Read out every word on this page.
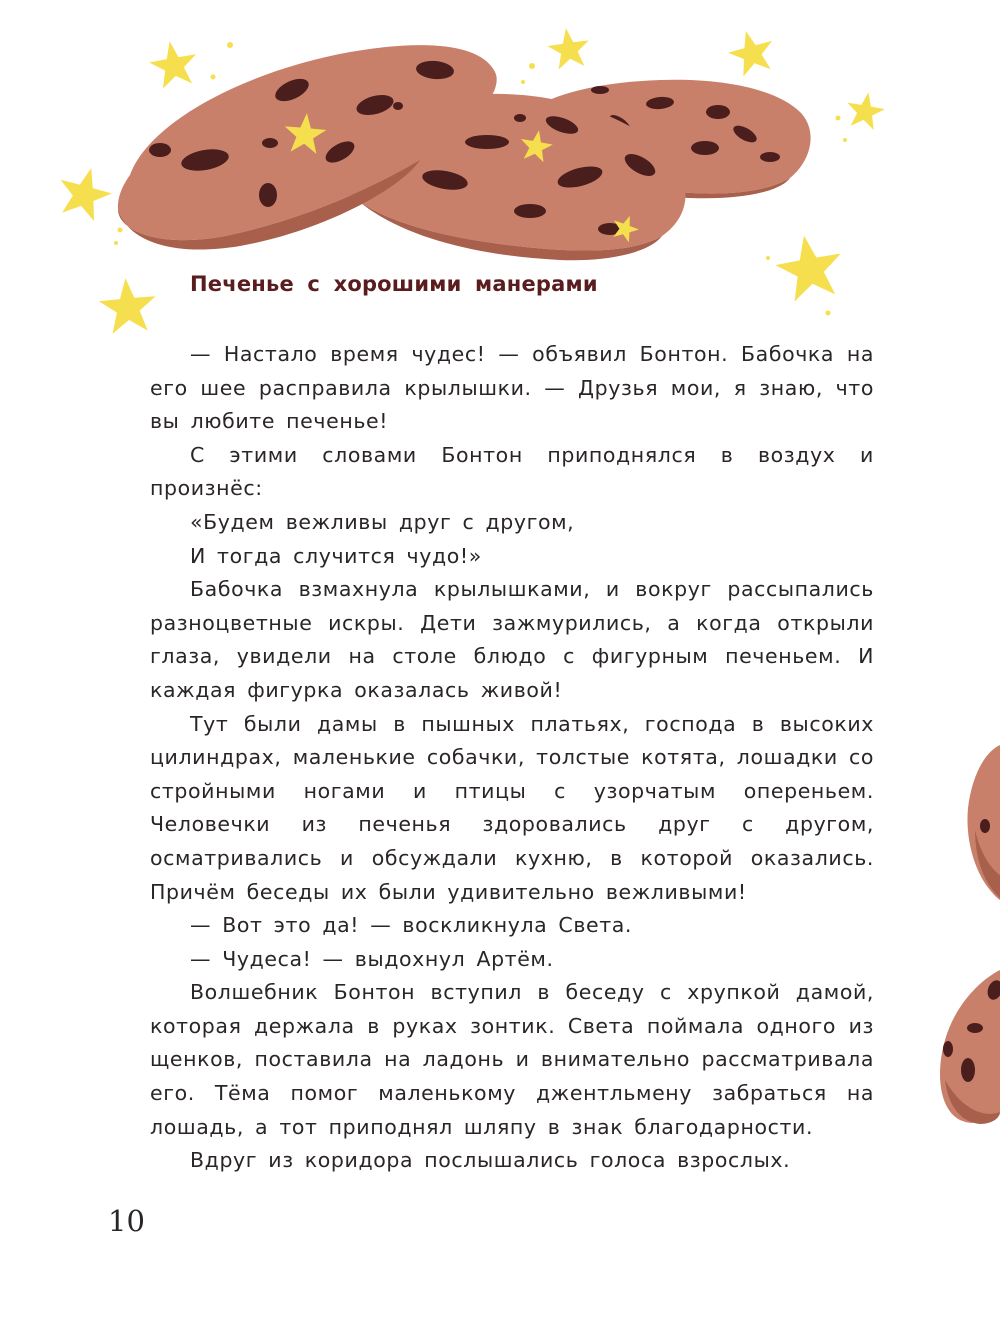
Печенье с хорошими манерами

— Настало время чудес! — объявил Бонтон. Бабочка на его шее расправила крылышки. — Друзья мои, я знаю, что вы любите печенье!

С этими словами Бонтон приподнялся в воздух и произнёс:

«Будем вежливы друг с другом,

И тогда случится чудо!»

Бабочка взмахнула крылышками, и вокруг рассыпались разноцветные искры. Дети зажмурились, а когда открыли глаза, увидели на столе блюдо с фигурным печеньем. И каждая фигурка оказалась живой!

Тут были дамы в пышных платьях, господа в высоких цилиндрах, маленькие собачки, толстые котята, лошадки со стройными ногами и птицы с узорчатым опереньем. Человечки из печенья здоровались друг с другом, осматривались и обсуждали кухню, в которой оказались. Причём беседы их были удивительно вежливыми!

— Вот это да! — воскликнула Света.

— Чудеса! — выдохнул Артём.

Волшебник Бонтон вступил в беседу с хрупкой дамой, которая держала в руках зонтик. Света поймала одного из щенков, поставила на ладонь и внимательно рассматривала его. Тёма помог маленькому джентльмену забраться на лошадь, а тот приподнял шляпу в знак благодарности.

Вдруг из коридора послышались голоса взрослых.

10
